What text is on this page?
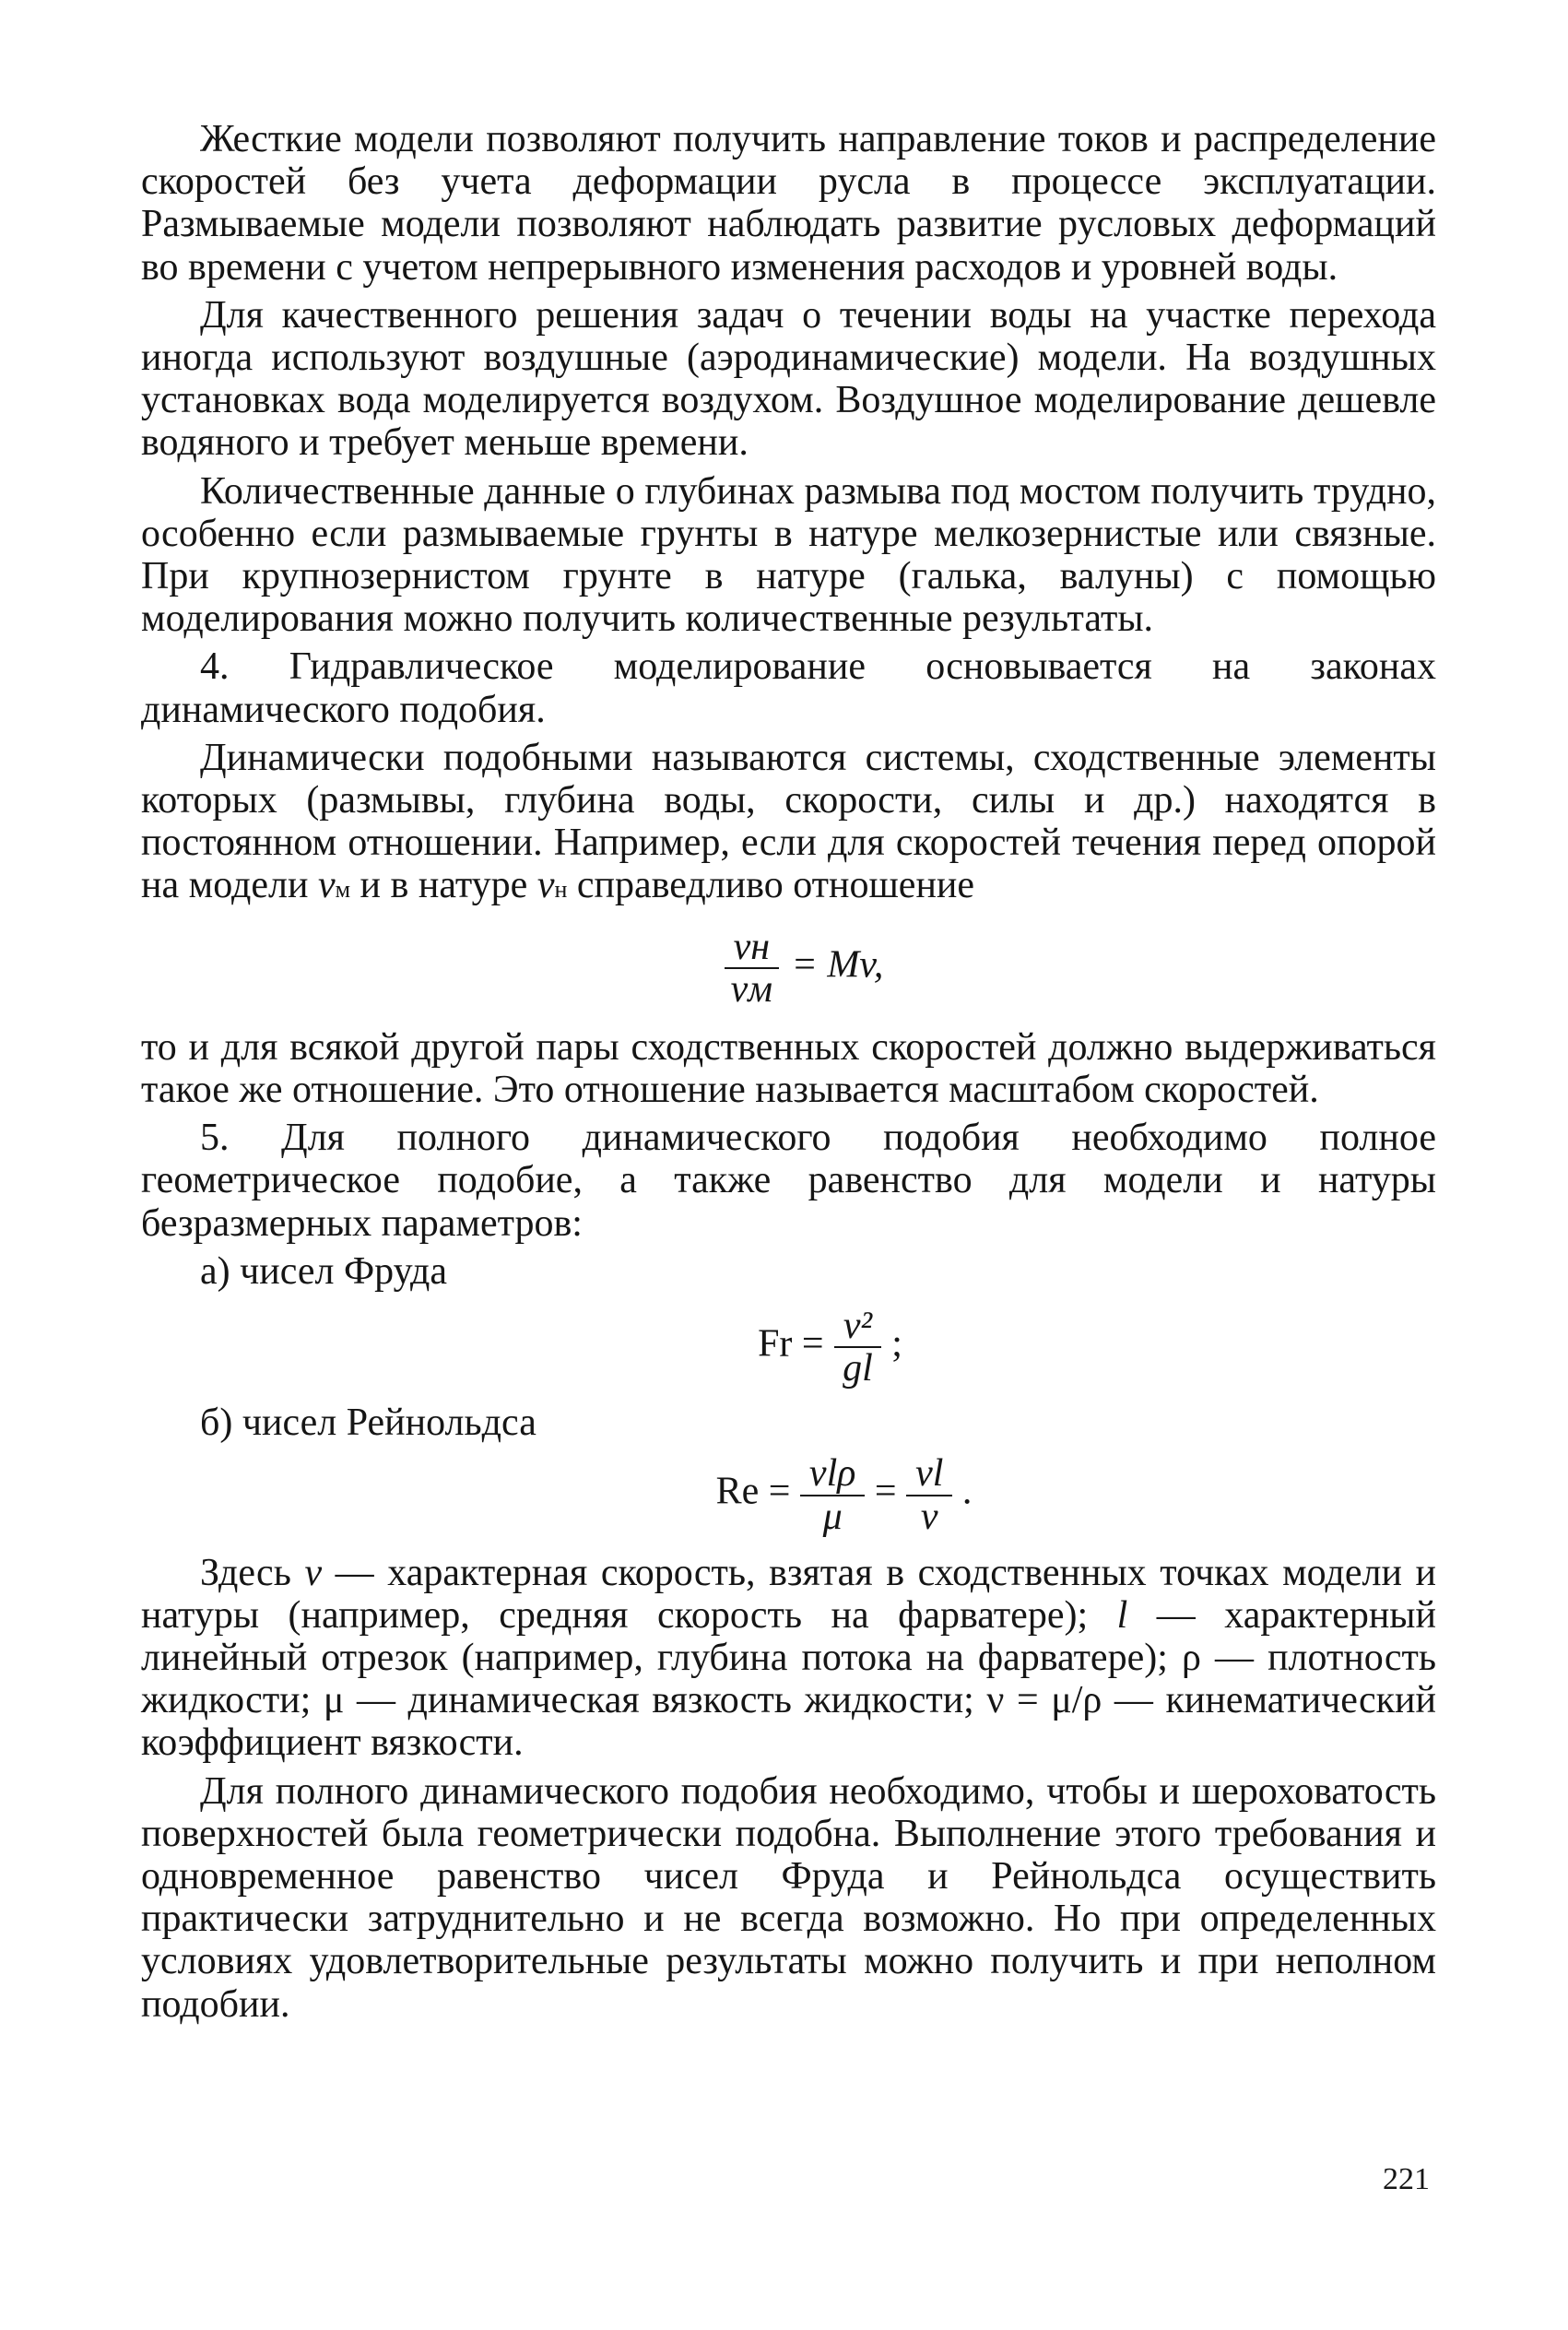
Жесткие модели позволяют получить направление токов и распределение скоростей без учета деформации русла в процессе эксплуатации. Размываемые модели позволяют наблюдать развитие русловых деформаций во времени с учетом непрерывного изменения расходов и уровней воды.

Для качественного решения задач о течении воды на участке перехода иногда используют воздушные (аэродинамические) модели. На воздушных установках вода моделируется воздухом. Воздушное моделирование дешевле водяного и требует меньше времени.

Количественные данные о глубинах размыва под мостом получить трудно, особенно если размываемые грунты в натуре мелкозернистые или связные. При крупнозернистом грунте в натуре (галька, валуны) с помощью моделирования можно получить количественные результаты.

4. Гидравлическое моделирование основывается на законах динамического подобия.

Динамически подобными называются системы, сходственные элементы которых (размывы, глубина воды, скорости, силы и др.) находятся в постоянном отношении. Например, если для скоростей течения перед опорой на модели vм и в натуре vн справедливо отношение

$\frac{vн}{vм} = Mv$,

то и для всякой другой пары сходственных скоростей должно выдерживаться такое же отношение. Это отношение называется масштабом скоростей.

5. Для полного динамического подобия необходимо полное геометрическое подобие, а также равенство для модели и натуры безразмерных параметров:

а) чисел Фруда

$Fr = \frac{\text{v²}}{gl}$ ;

б) чисел Рейнольдса

$Re = \frac{\text{vlρ}}{\mu} = \frac{vl}{\nu}$ .

Здесь v — характерная скорость, взятая в сходственных точках модели и натуры (например, средняя скорость на фарватере); l — характерный линейный отрезок (например, глубина потока на фарватере); ρ — плотность жидкости; μ — динамическая вязкость жидкости; ν = μ/ρ — кинематический коэффициент вязкости.

Для полного динамического подобия необходимо, чтобы и шероховатость поверхностей была геометрически подобна. Выполнение этого требования и одновременное равенство чисел Фруда и Рейнольдса осуществить практически затруднительно и не всегда возможно. Но при определенных условиях удовлетворительные результаты можно получить и при неполном подобии.

221
